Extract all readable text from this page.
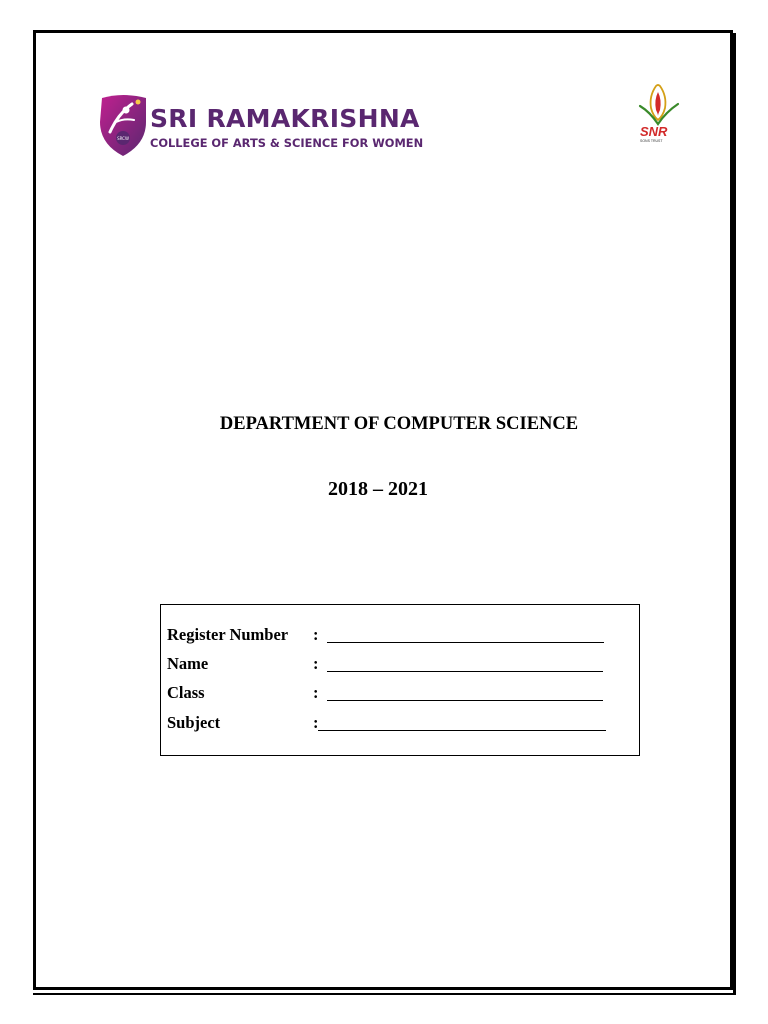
SRCW
SRI RAMAKRISHNA
COLLEGE OF ARTS & SCIENCE FOR WOMEN
SNR
SONS TRUST
DEPARTMENT OF COMPUTER SCIENCE
2018 – 2021
Register Number :
Name	:
Class	:
Subject	:
